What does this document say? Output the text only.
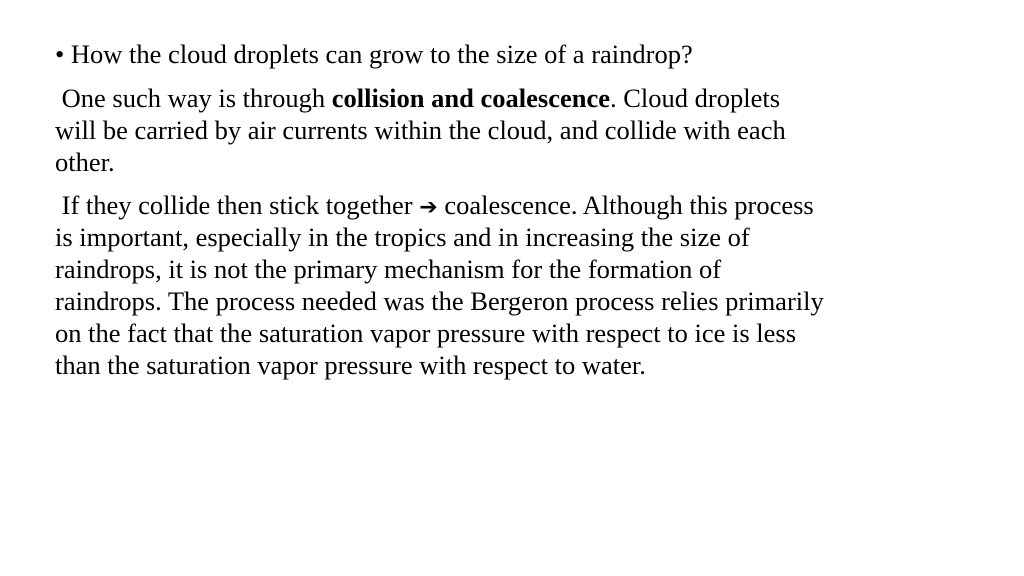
• How the cloud droplets can grow to the size of a raindrop?
One such way is through collision and coalescence. Cloud droplets
will be carried by air currents within the cloud, and collide with each
other.
If they collide then stick together ➔ coalescence. Although this process
is important, especially in the tropics and in increasing the size of
raindrops, it is not the primary mechanism for the formation of
raindrops. The process needed was the Bergeron process relies primarily
on the fact that the saturation vapor pressure with respect to ice is less
than the saturation vapor pressure with respect to water.
